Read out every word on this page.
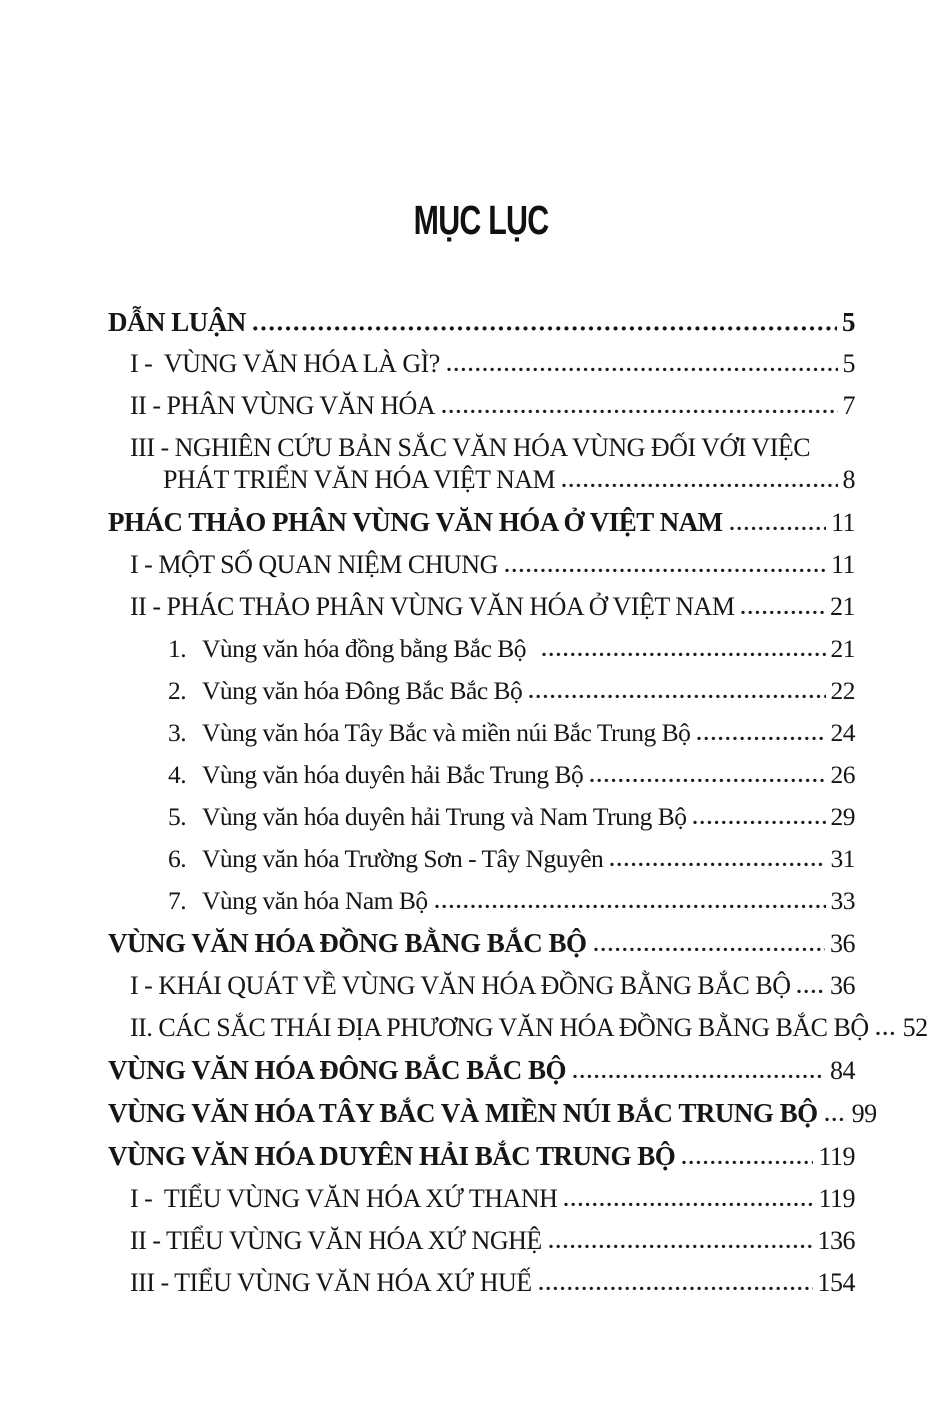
MỤC LỤC
DẪN LUẬN	5
I -  VÙNG VĂN HÓA LÀ GÌ?	5
II - PHÂN VÙNG VĂN HÓA	7
III - NGHIÊN CỨU BẢN SẮC VĂN HÓA VÙNG ĐỐI VỚI VIỆC
PHÁT TRIỂN VĂN HÓA VIỆT NAM	8
PHÁC THẢO PHÂN VÙNG VĂN HÓA Ở VIỆT NAM	11
I - MỘT SỐ QUAN NIỆM CHUNG	11
II - PHÁC THẢO PHÂN VÙNG VĂN HÓA Ở VIỆT NAM	21
1. Vùng văn hóa đồng bằng Bắc Bộ	21
2. Vùng văn hóa Đông Bắc Bắc Bộ	22
3. Vùng văn hóa Tây Bắc và miền núi Bắc Trung Bộ	24
4. Vùng văn hóa duyên hải Bắc Trung Bộ	26
5. Vùng văn hóa duyên hải Trung và Nam Trung Bộ	29
6. Vùng văn hóa Trường Sơn - Tây Nguyên	31
7. Vùng văn hóa Nam Bộ	33
VÙNG VĂN HÓA ĐỒNG BẰNG BẮC BỘ	36
I - KHÁI QUÁT VỀ VÙNG VĂN HÓA ĐỒNG BẰNG BẮC BỘ 36
II. CÁC SẮC THÁI ĐỊA PHƯƠNG VĂN HÓA ĐỒNG BẰNG BẮC BỘ 52
VÙNG VĂN HÓA ĐÔNG BẮC BẮC BỘ	84
VÙNG VĂN HÓA TÂY BẮC VÀ MIỀN NÚI BẮC TRUNG BỘ 99
VÙNG VĂN HÓA DUYÊN HẢI BẮC TRUNG BỘ	119
I -  TIỂU VÙNG VĂN HÓA XỨ THANH	119
II - TIỂU VÙNG VĂN HÓA XỨ NGHỆ	136
III - TIỂU VÙNG VĂN HÓA XỨ HUẾ	154
